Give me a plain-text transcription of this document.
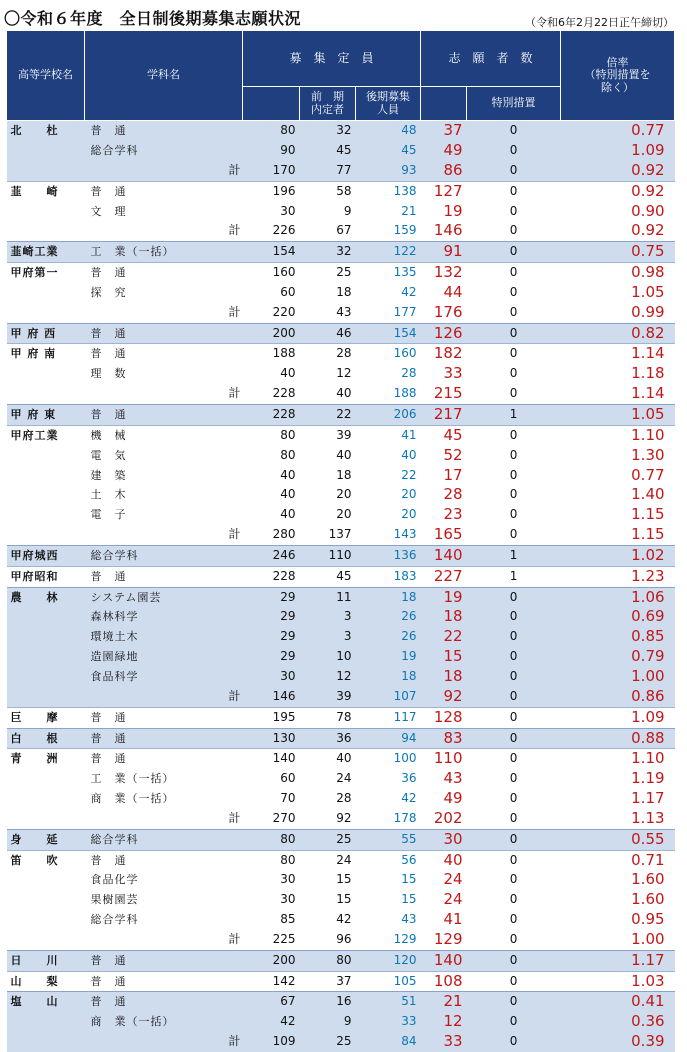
〇令和６年度　全日制後期募集志願状況	（令和6年2月22日正午締切）
高等学校名	学科名		募　集　定　員			志　願　者　数		倍率
（特別措置を
除く）	前年同期
				前　期内定者	後期募集人員		特別措置		倍　　率
北　　杜	普　通		80	32	48	37	0	0.77	
	総合学科		90	45	45	49	0	1.09	
		計	170	77	93	86	0	0.92	
韮　　崎	普　通		196	58	138	127	0	0.92	
	文　理		30	9	21	19	0	0.90	
		計	226	67	159	146	0	0.92	
韮崎工業	工　業（一括）		154	32	122	91	0	0.75	
甲府第一	普　通		160	25	135	132	0	0.98	
	探　究		60	18	42	44	0	1.05	
		計	220	43	177	176	0	0.99	
甲 府 西	普　通		200	46	154	126	0	0.82	
甲 府 南	普　通		188	28	160	182	0	1.14	
	理　数		40	12	28	33	0	1.18	
		計	228	40	188	215	0	1.14	
甲 府 東	普　通		228	22	206	217	1	1.05	
甲府工業	機　械		80	39	41	45	0	1.10	
	電　気		80	40	40	52	0	1.30	
	建　築		40	18	22	17	0	0.77	
	土　木		40	20	20	28	0	1.40	
	電　子		40	20	20	23	0	1.15	
		計	280	137	143	165	0	1.15	
甲府城西	総合学科		246	110	136	140	1	1.02	
甲府昭和	普　通		228	45	183	227	1	1.23	
農　　林	システム園芸		29	11	18	19	0	1.06	
	森林科学		29	3	26	18	0	0.69	
	環境土木		29	3	26	22	0	0.85	
	造園緑地		29	10	19	15	0	0.79	
	食品科学		30	12	18	18	0	1.00	
		計	146	39	107	92	0	0.86	
巨　　摩	普　通		195	78	117	128	0	1.09	
白　　根	普　通		130	36	94	83	0	0.88	
青　　洲	普　通		140	40	100	110	0	1.10	
	工　業（一括）		60	24	36	43	0	1.19	
	商　業（一括）		70	28	42	49	0	1.17	
		計	270	92	178	202	0	1.13	
身　　延	総合学科		80	25	55	30	0	0.55	
笛　　吹	普　通		80	24	56	40	0	0.71	
	食品化学		30	15	15	24	0	1.60	
	果樹園芸		30	15	15	24	0	1.60	
	総合学科		85	42	43	41	0	0.95	
		計	225	96	129	129	0	1.00	
日　　川	普　通		200	80	120	140	0	1.17	
山　　梨	普　通		142	37	105	108	0	1.03	
塩　　山	普　通		67	16	51	21	0	0.41	
	商　業（一括）		42	9	33	12	0	0.36	
		計	109	25	84	33	0	0.39	
